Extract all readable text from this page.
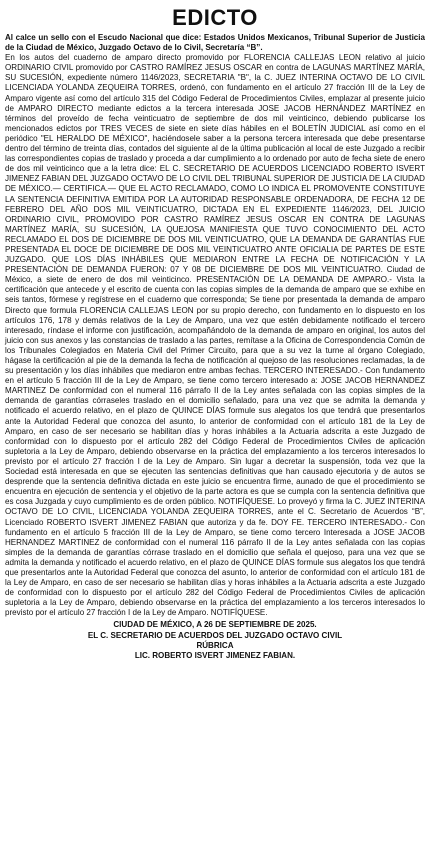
EDICTO

Al calce un sello con el Escudo Nacional que dice: Estados Unidos Mexicanos, Tribunal Superior de Justicia de la Ciudad de México, Juzgado Octavo de lo Civil, Secretaría “B”.

En los autos del cuaderno de amparo directo promovido por FLORENCIA CALLEJAS LEON relativo al juicio ORDINARIO CIVIL promovido por CASTRO RAMÍREZ JESUS OSCAR en contra de LAGUNAS MARTÍNEZ MARÍA, SU SUCESIÓN, expediente número 1146/2023, SECRETARIA "B", la C. JUEZ INTERINA OCTAVO DE LO CIVIL LICENCIADA YOLANDA ZEQUEIRA TORRES, ordenó, con fundamento en el artículo 27 fracción III de la Ley de Amparo vigente así como del artículo 315 del Código Federal de Procedimientos Civiles, emplazar al presente juicio de AMPARO DIRECTO mediante edictos a la tercera interesada JOSE JACOB HERNÁNDEZ MARTÍNEZ en términos del proveído de fecha veinticuatro de septiembre de dos mil veinticinco, debiendo publicarse los mencionados edictos por TRES VECES de siete en siete días hábiles en el BOLETÍN JUDICIAL así como en el periódico "EL HERALDO DE MÉXICO", haciéndosele saber a la persona tercera interesada que debe presentarse dentro del término de treinta días, contados del siguiente al de la última publicación al local de este Juzgado a recibir las correspondientes copias de traslado y proceda a dar cumplimiento a lo ordenado por auto de fecha siete de enero de dos mil veinticinco que a la letra dice: EL C. SECRETARIO DE ACUERDOS LICENCIADO ROBERTO ISVERT JIMENEZ FABIAN DEL JUZGADO OCTAVO DE LO CIVIL DEL TRIBUNAL SUPERIOR DE JUSTICIA DE LA CIUDAD DE MÉXICO.— CERTIFICA.— QUE EL ACTO RECLAMADO, COMO LO INDICA EL PROMOVENTE CONSTITUYE LA SENTENCIA DEFINITIVA EMITIDA POR LA AUTORIDAD RESPONSABLE ORDENADORA, DE FECHA 12 DE FEBRERO DEL AÑO DOS MIL VEINTICUATRO, DICTADA EN EL EXPEDIENTE 1146/2023, DEL JUICIO ORDINARIO CIVIL, PROMOVIDO POR CASTRO RAMÍREZ JESUS OSCAR EN CONTRA DE LAGUNAS MARTÍNEZ MARÍA, SU SUCESIÓN, LA QUEJOSA MANIFIESTA QUE TUVO CONOCIMIENTO DEL ACTO RECLAMADO EL DOS DE DICIEMBRE DE DOS MIL VEINTICUATRO, QUE LA DEMANDA DE GARANTÍAS FUE PRESENTADA EL DOCE DE DICIEMBRE DE DOS MIL VEINTICUATRO ANTE OFICIALIA DE PARTES DE ESTE JUZGADO. QUE LOS DÍAS INHÁBILES QUE MEDIARON ENTRE LA FECHA DE NOTIFICACIÓN Y LA PRESENTACIÓN DE DEMANDA FUERON: 07 Y 08 DE DICIEMBRE DE DOS MIL VEINTICUATRO. Ciudad de México, a siete de enero de dos mil veinticinco. PRESENTACIÓN DE LA DEMANDA DE AMPARO.- Vista la certificación que antecede y el escrito de cuenta con las copias simples de la demanda de amparo que se exhibe en seis tantos, fórmese y regístrese en el cuaderno que corresponda; Se tiene por presentada la demanda de amparo Directo que formula FLORENCIA CALLEJAS LEON por su propio derecho, con fundamento en lo dispuesto en los artículos 176, 178 y demás relativos de la Ley de Amparo, una vez que estén debidamente notificado el tercero interesado, ríndase el informe con justificación, acompañándolo de la demanda de amparo en original, los autos del juicio con sus anexos y las constancias de traslado a las partes, remítase a la Oficina de Correspondencia Común de los Tribunales Colegiados en Materia Civil del Primer Circuito, para que a su vez la turne al órgano Colegiado, hágase la certificación al pie de la demanda la fecha de notificación al quejoso de las resoluciones reclamadas, la de su presentación y los días inhábiles que mediaron entre ambas fechas. TERCERO INTERESADO.- Con fundamento en el artículo 5 fracción III de la Ley de Amparo, se tiene como tercero interesado a: JOSE JACOB HERNANDEZ MARTINEZ De conformidad con el numeral 116 párrafo II de la Ley antes señalada con las copias simples de la demanda de garantías córraseles traslado en el domicilio señalado, para una vez que se admita la demanda y notificado el acuerdo relativo, en el plazo de QUINCE DÍAS formule sus alegatos los que tendrá que presentarlos ante la Autoridad Federal que conozca del asunto, lo anterior de conformidad con el artículo 181 de la Ley de Amparo, en caso de ser necesario se habilitan días y horas inhábiles a la Actuaria adscrita a este Juzgado de conformidad con lo dispuesto por el artículo 282 del Código Federal de Procedimientos Civiles de aplicación supletoria a la Ley de Amparo, debiendo observarse en la práctica del emplazamiento a los terceros interesados lo previsto por el artículo 27 fracción I de la Ley de Amparo. Sin lugar a decretar la suspensión, toda vez que la Sociedad está interesada en que se ejecuten las sentencias definitivas que han causado ejecutoria y de autos se desprende que la sentencia definitiva dictada en este juicio se encuentra firme, aunado de que el procedimiento se encuentra en ejecución de sentencia y el objetivo de la parte actora es que se cumpla con la sentencia definitiva que es cosa Juzgada y cuyo cumplimiento es de orden público. NOTIFÍQUESE. Lo proveyó y firma la C. JUEZ INTERINA OCTAVO DE LO CIVIL, LICENCIADA YOLANDA ZEQUEIRA TORRES, ante el C. Secretario de Acuerdos “B”, Licenciado ROBERTO ISVERT JIMENEZ FABIAN que autoriza y da fe. DOY FE. TERCERO INTERESADO.- Con fundamento en el artículo 5 fracción III de la Ley de Amparo, se tiene como tercero Interesada a JOSE JACOB HERNANDEZ MARTINEZ de conformidad con el numeral 116 párrafo II de la Ley antes señalada con las copias simples de la demanda de garantías córrase traslado en el domicilio que señala el quejoso, para una vez que se admita la demanda y notificado el acuerdo relativo, en el plazo de QUINCE DÍAS formule sus alegatos los que tendrá que presentarlos ante la Autoridad Federal que conozca del asunto, lo anterior de conformidad con el artículo 181 de la Ley de Amparo, en caso de ser necesario se habilitan días y horas inhábiles a la Actuaria adscrita a este Juzgado de conformidad con lo dispuesto por el artículo 282 del Código Federal de Procedimientos Civiles de aplicación supletoria a la Ley de Amparo, debiendo observarse en la práctica del emplazamiento a los terceros interesados lo previsto por el artículo 27 fracción I de la Ley de Amparo. NOTIFÍQUESE.

CIUDAD DE MÉXICO, A 26 DE SEPTIEMBRE DE 2025.
EL C. SECRETARIO DE ACUERDOS DEL JUZGADO OCTAVO CIVIL
RÚBRICA
LIC. ROBERTO ISVERT JIMENEZ FABIAN.
